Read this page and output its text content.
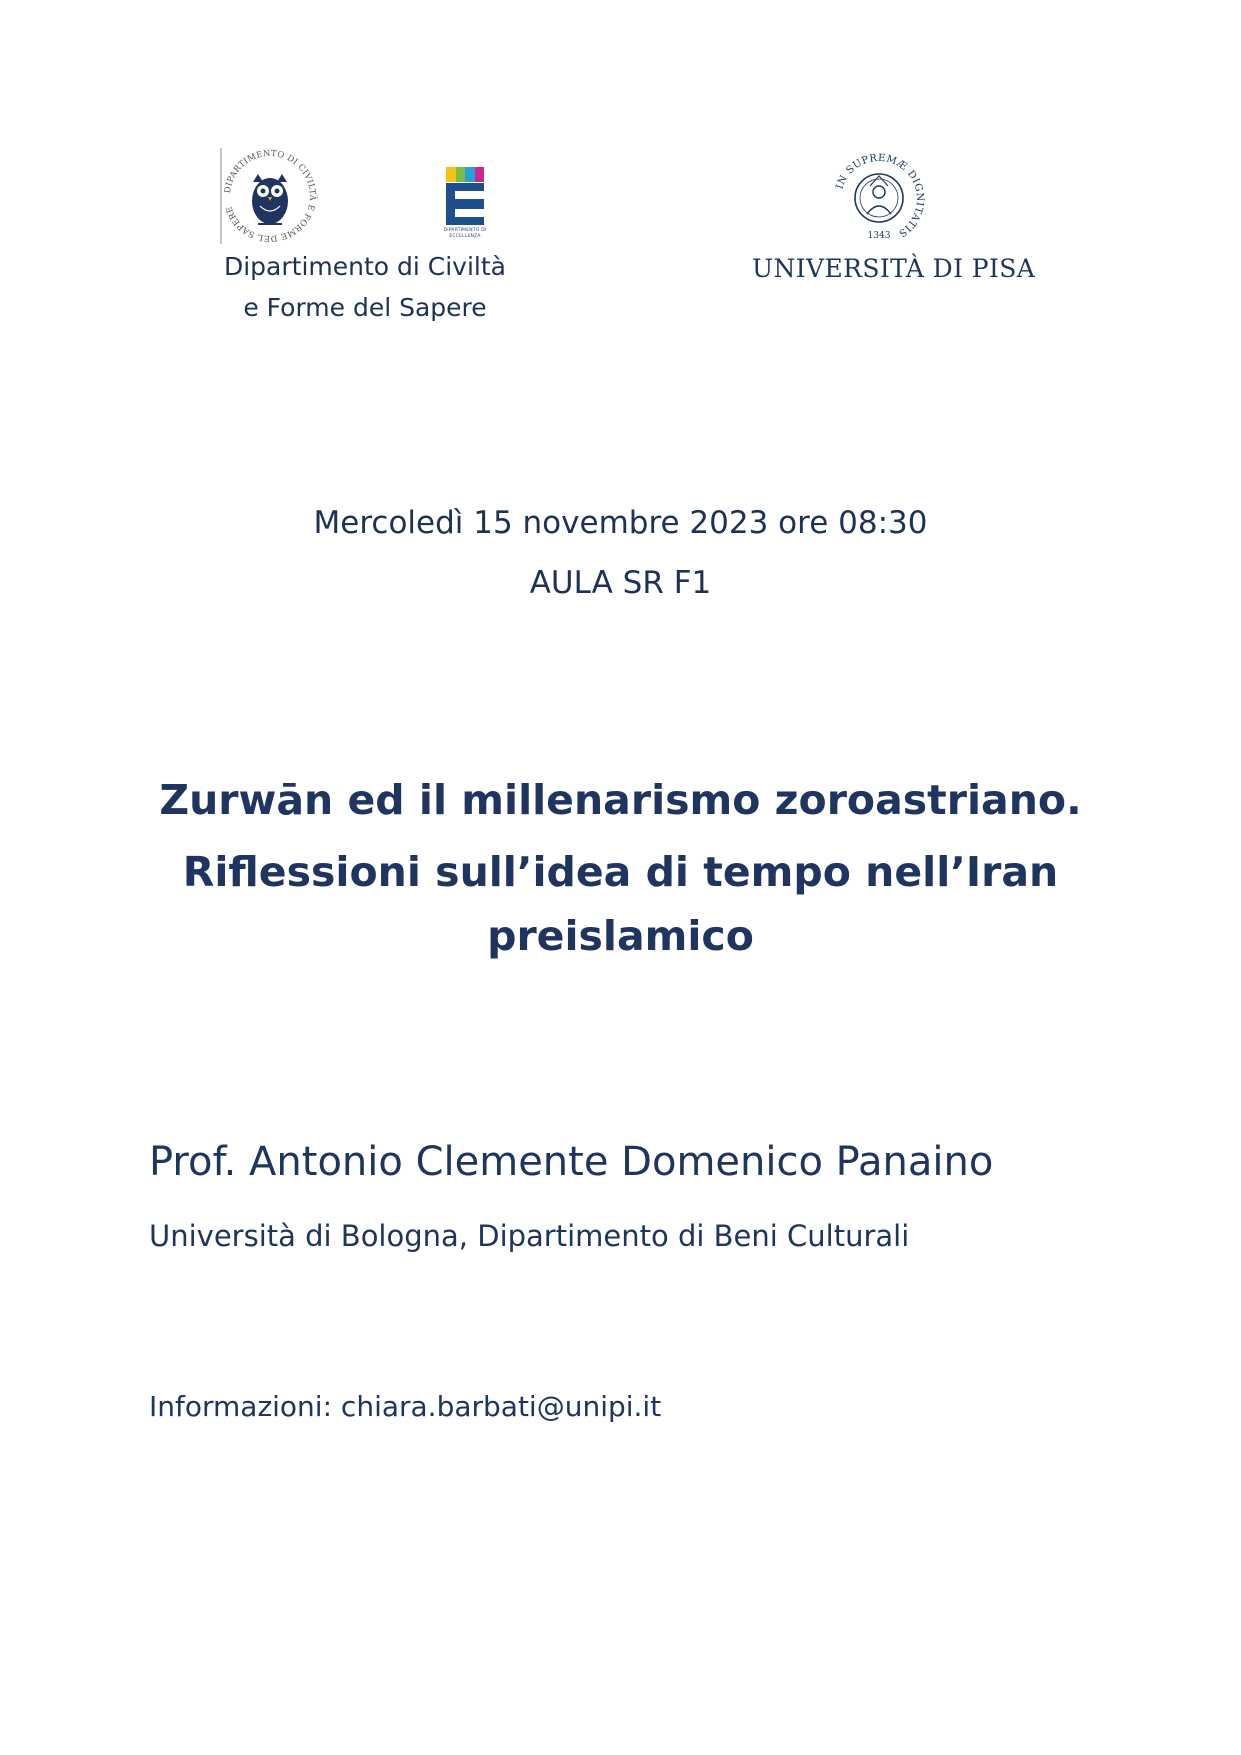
DIPARTIMENTO DI CIVILTÀ E FORME DEL SAPERE
DIPARTIMENTO DI
ECCELLENZA
Dipartimento di Civiltà
e Forme del Sapere
IN SUPREMÆ DIGNITATIS
1343
UNIVERSITÀ DI PISA
Mercoledì 15 novembre 2023 ore 08:30
AULA SR F1
Zurwān ed il millenarismo zoroastriano.
Riflessioni sull’idea di tempo nell’Iran
preislamico
Prof. Antonio Clemente Domenico Panaino
Università di Bologna, Dipartimento di Beni Culturali
Informazioni: chiara.barbati@unipi.it
